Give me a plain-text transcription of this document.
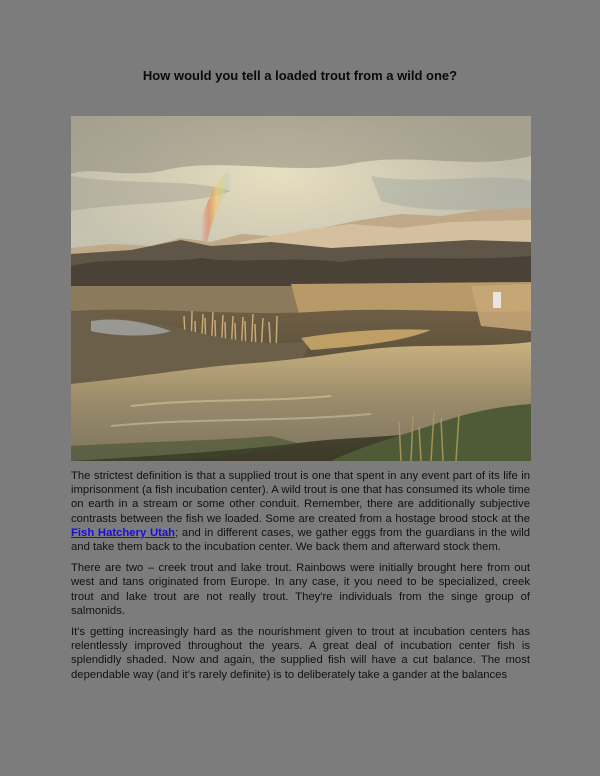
How would you tell a loaded trout from a wild one?

The strictest definition is that a supplied trout is one that spent in any event part of its life in imprisonment (a fish incubation center). A wild trout is one that has consumed its whole time on earth in a stream or some other conduit. Remember, there are additionally subjective contrasts between the fish we loaded. Some are created from a hostage brood stock at the Fish Hatchery Utah; and in different cases, we gather eggs from the guardians in the wild and take them back to the incubation center. We back them and afterward stock them.

There are two – creek trout and lake trout. Rainbows were initially brought here from out west and tans originated from Europe. In any case, it you need to be specialized, creek trout and lake trout are not really trout. They're individuals from the singe group of salmonids.

It's getting increasingly hard as the nourishment given to trout at incubation centers has relentlessly improved throughout the years. A great deal of incubation center fish is splendidly shaded. Now and again, the supplied fish will have a cut balance. The most dependable way (and it's rarely definite) is to deliberately take a gander at the balances
